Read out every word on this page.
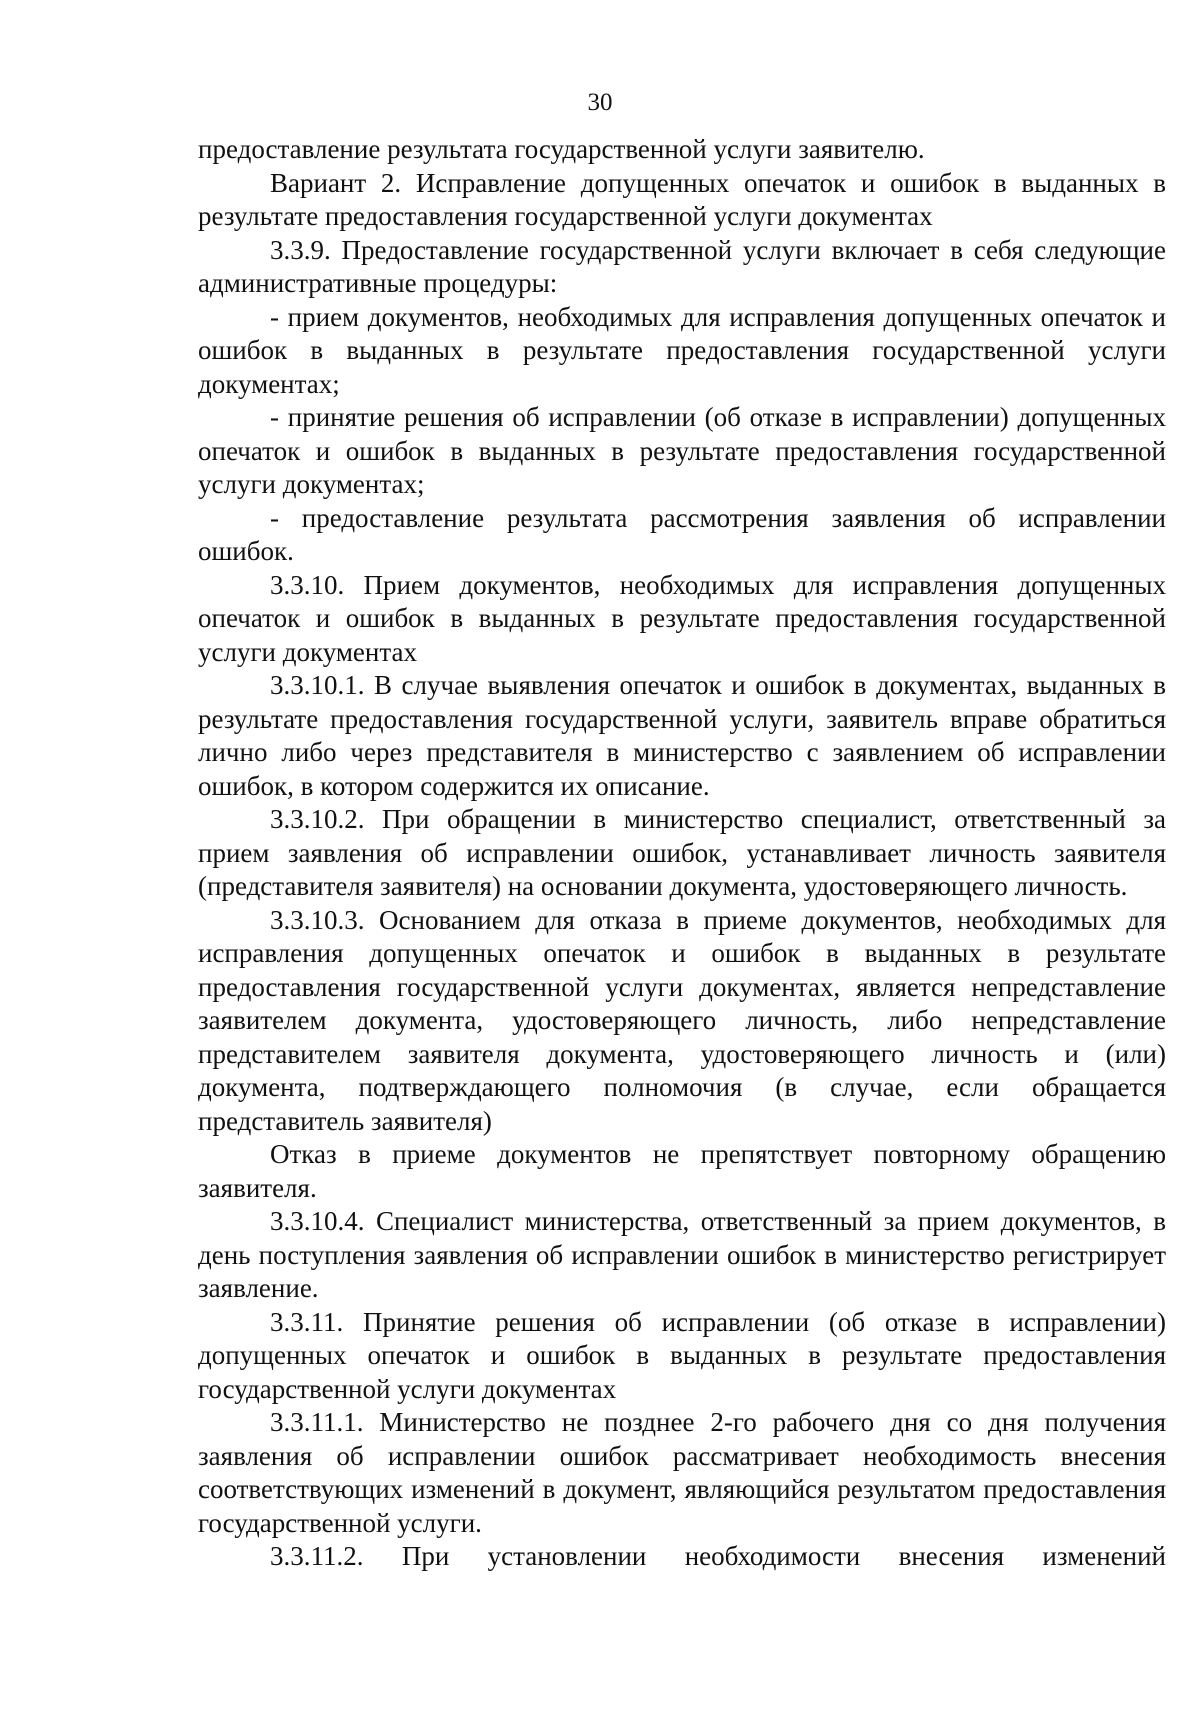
30

предоставление результата государственной услуги заявителю.

Вариант 2. Исправление допущенных опечаток и ошибок в выданных в результате предоставления государственной услуги документах

3.3.9. Предоставление государственной услуги включает в себя следующие административные процедуры:

- прием документов, необходимых для исправления допущенных опечаток и ошибок в выданных в результате предоставления государственной услуги документах;

- принятие решения об исправлении (об отказе в исправлении) допущенных опечаток и ошибок в выданных в результате предоставления государственной услуги документах;

- предоставление результата рассмотрения заявления об исправлении ошибок.

3.3.10. Прием документов, необходимых для исправления допущенных опечаток и ошибок в выданных в результате предоставления государственной услуги документах

3.3.10.1. В случае выявления опечаток и ошибок в документах, выданных в результате предоставления государственной услуги, заявитель вправе обратиться лично либо через представителя в министерство с заявлением об исправлении ошибок, в котором содержится их описание.

3.3.10.2. При обращении в министерство специалист, ответственный за прием заявления об исправлении ошибок, устанавливает личность заявителя (представителя заявителя) на основании документа, удостоверяющего личность.

3.3.10.3. Основанием для отказа в приеме документов, необходимых для исправления допущенных опечаток и ошибок в выданных в результате предоставления государственной услуги документах, является непредставление заявителем документа, удостоверяющего личность, либо непредставление представителем заявителя документа, удостоверяющего личность и (или) документа, подтверждающего полномочия (в случае, если обращается представитель заявителя)

Отказ в приеме документов не препятствует повторному обращению заявителя.

3.3.10.4. Специалист министерства, ответственный за прием документов, в день поступления заявления об исправлении ошибок в министерство регистрирует заявление.

3.3.11. Принятие решения об исправлении (об отказе в исправлении) допущенных опечаток и ошибок в выданных в результате предоставления государственной услуги документах

3.3.11.1. Министерство не позднее 2-го рабочего дня со дня получения заявления об исправлении ошибок рассматривает необходимость внесения соответствующих изменений в документ, являющийся результатом предоставления государственной услуги.

3.3.11.2. При установлении необходимости внесения изменений
